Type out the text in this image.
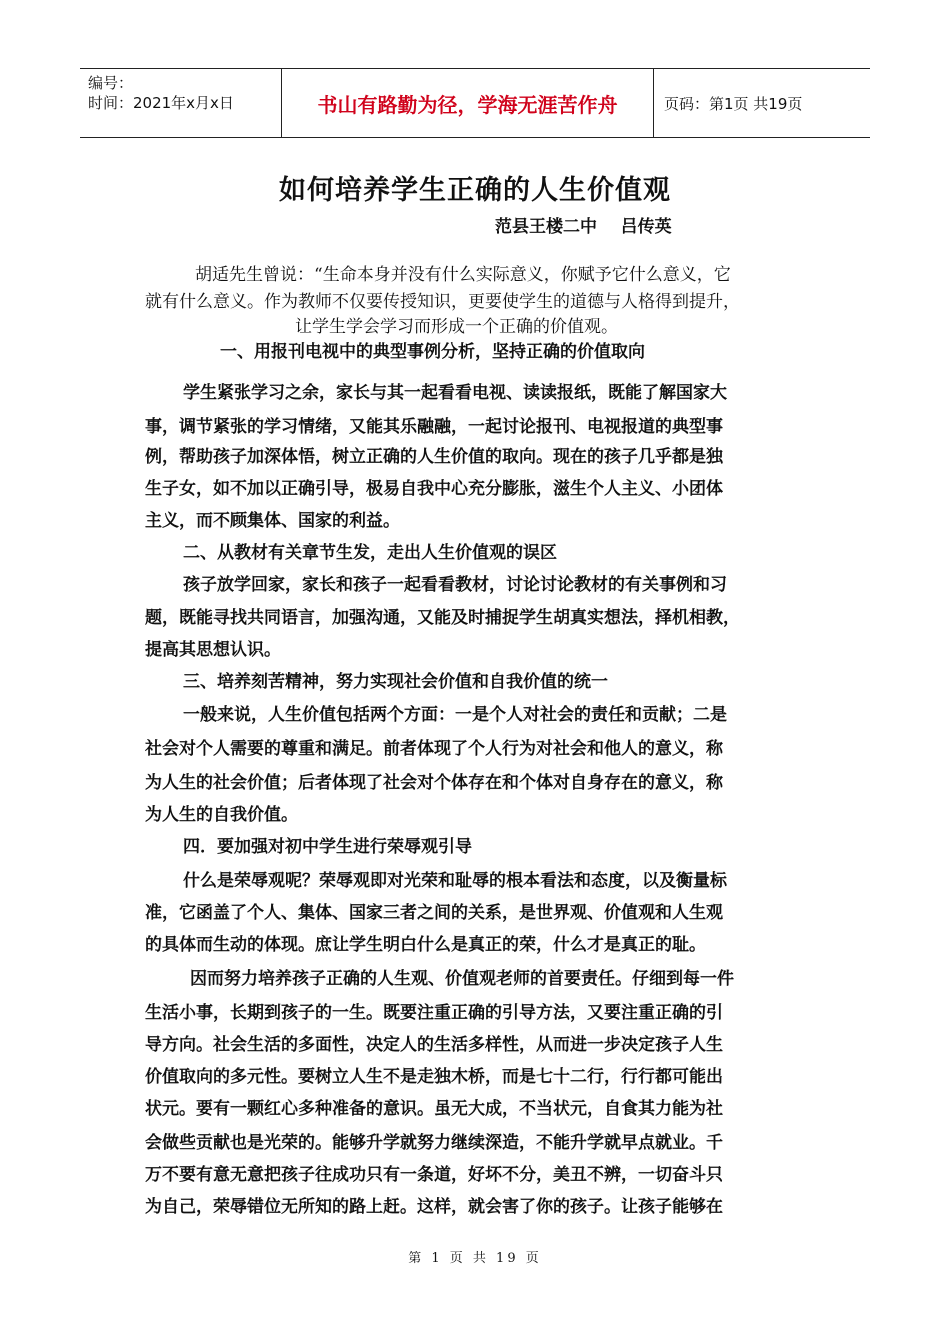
编号：
时间：2021年x月x日	书山有路勤为径，学海无涯苦作舟	页码：第1页 共19页
如何培养学生正确的人生价值观
范县王楼二中    吕传英
胡适先生曾说：“生命本身并没有什么实际意义，你赋予它什么意义，它
就有什么意义。作为教师不仅要传授知识，更要使学生的道德与人格得到提升，
让学生学会学习而形成一个正确的价值观。
一、用报刊电视中的典型事例分析，坚持正确的价值取向
学生紧张学习之余，家长与其一起看看电视、读读报纸，既能了解国家大
事，调节紧张的学习情绪，又能其乐融融，一起讨论报刊、电视报道的典型事
例，帮助孩子加深体悟，树立正确的人生价值的取向。现在的孩子几乎都是独
生子女，如不加以正确引导，极易自我中心充分膨胀，滋生个人主义、小团体
主义，而不顾集体、国家的利益。
二、从教材有关章节生发，走出人生价值观的误区
孩子放学回家，家长和孩子一起看看教材，讨论讨论教材的有关事例和习
题，既能寻找共同语言，加强沟通，又能及时捕捉学生胡真实想法，择机相教，
提高其思想认识。
三、培养刻苦精神，努力实现社会价值和自我价值的统一
一般来说，人生价值包括两个方面：一是个人对社会的责任和贡献；二是
社会对个人需要的尊重和满足。前者体现了个人行为对社会和他人的意义，称
为人生的社会价值；后者体现了社会对个体存在和个体对自身存在的意义，称
为人生的自我价值。
四．要加强对初中学生进行荣辱观引导
什么是荣辱观呢？荣辱观即对光荣和耻辱的根本看法和态度，以及衡量标
准，它函盖了个人、集体、国家三者之间的关系，是世界观、价值观和人生观
的具体而生动的体现。庶让学生明白什么是真正的荣，什么才是真正的耻。
因而努力培养孩子正确的人生观、价值观老师的首要责任。仔细到每一件
生活小事，长期到孩子的一生。既要注重正确的引导方法，又要注重正确的引
导方向。社会生活的多面性，决定人的生活多样性，从而进一步决定孩子人生
价值取向的多元性。要树立人生不是走独木桥，而是七十二行，行行都可能出
状元。要有一颗红心多种准备的意识。虽无大成，不当状元，自食其力能为社
会做些贡献也是光荣的。能够升学就努力继续深造，不能升学就早点就业。千
万不要有意无意把孩子往成功只有一条道，好坏不分，美丑不辨，一切奋斗只
为自己，荣辱错位无所知的路上赶。这样，就会害了你的孩子。让孩子能够在
第 1 页 共 19 页
